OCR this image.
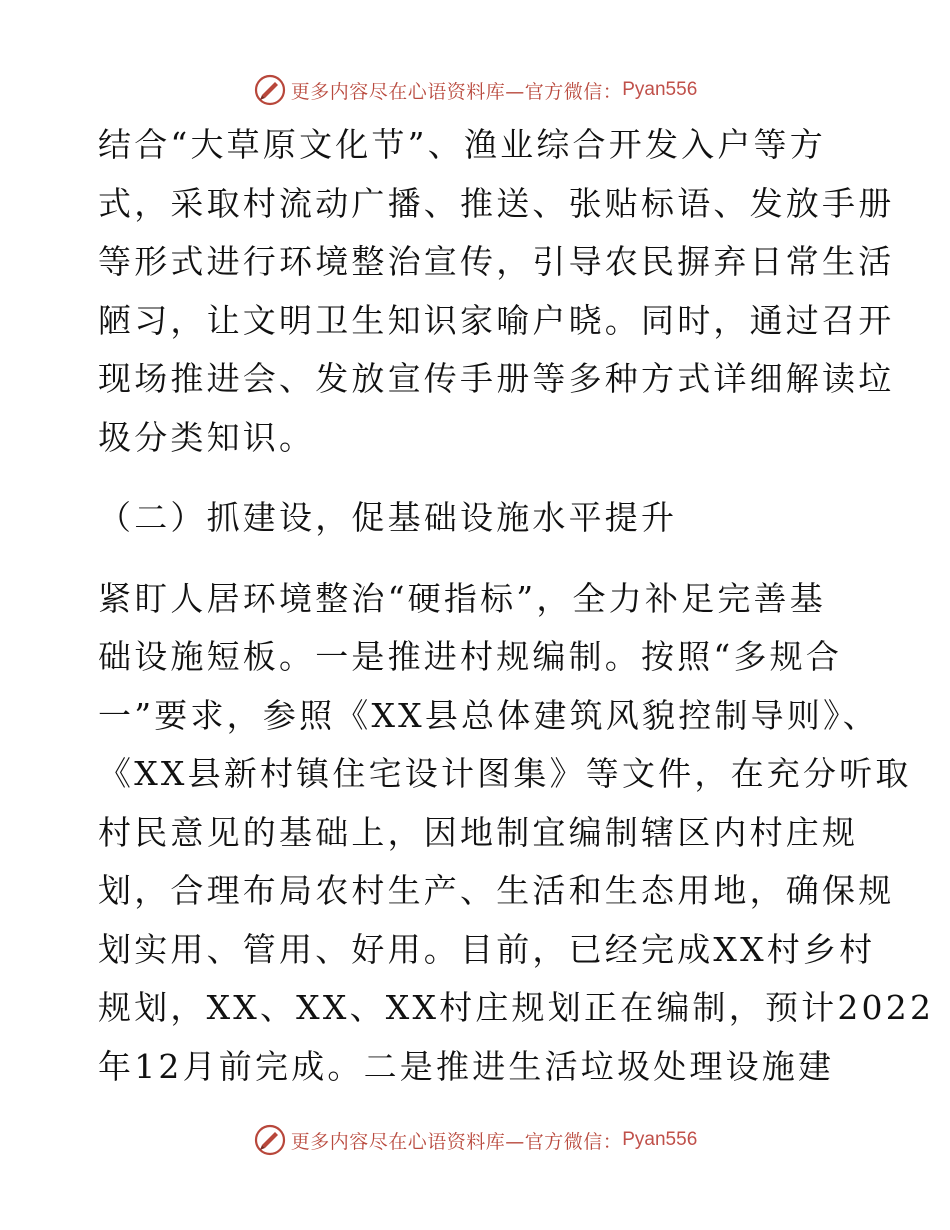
更多内容尽在心语资料库—官方微信： Pyan556
结合“大草原文化节”、渔业综合开发入户等方
式，采取村流动广播、推送、张贴标语、发放手册
等形式进行环境整治宣传，引导农民摒弃日常生活
陋习，让文明卫生知识家喻户晓。同时，通过召开
现场推进会、发放宣传手册等多种方式详细解读垃
圾分类知识。
（二）抓建设，促基础设施水平提升
紧盯人居环境整治“硬指标”，全力补足完善基
础设施短板。一是推进村规编制。按照“多规合
一”要求，参照《XX县总体建筑风貌控制导则》、
《XX县新村镇住宅设计图集》等文件，在充分听取
村民意见的基础上，因地制宜编制辖区内村庄规
划，合理布局农村生产、生活和生态用地，确保规
划实用、管用、好用。目前，已经完成XX村乡村
规划，XX、XX、XX村庄规划正在编制，预计2022
年12月前完成。二是推进生活垃圾处理设施建
更多内容尽在心语资料库—官方微信： Pyan556
